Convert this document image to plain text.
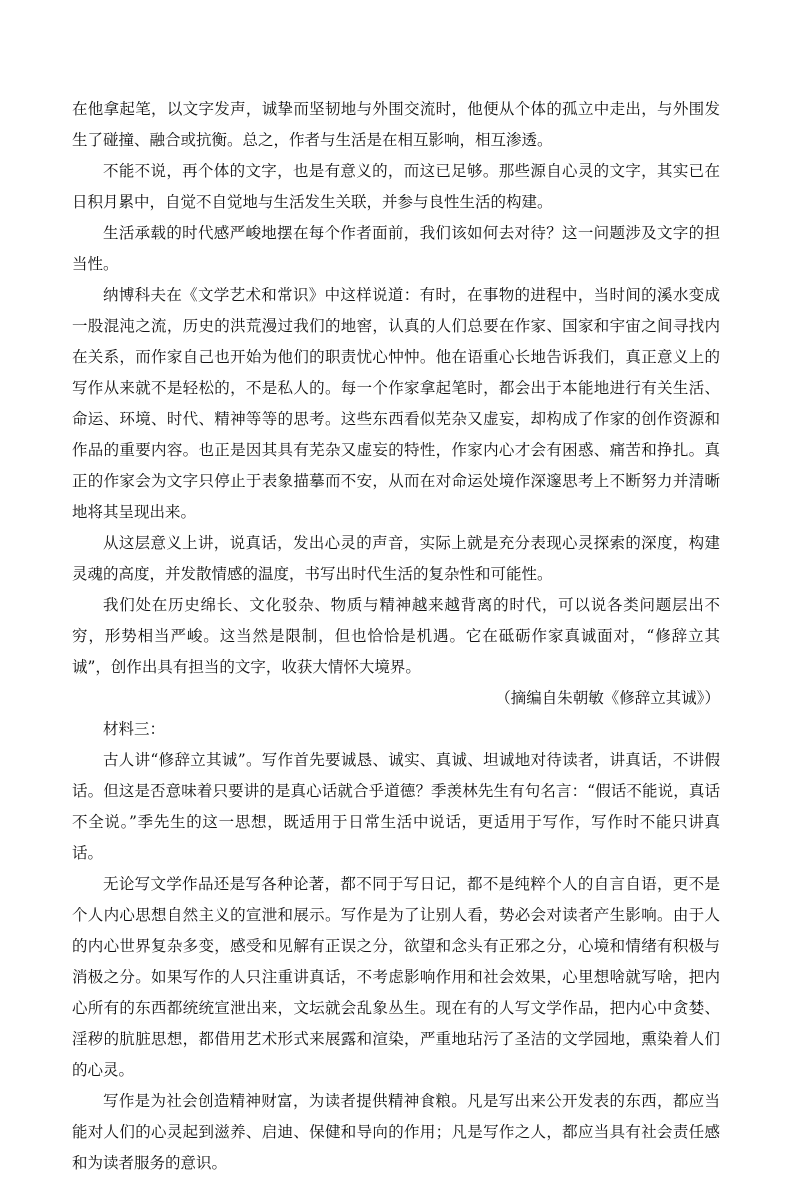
在他拿起笔，以文字发声，诚挚而坚韧地与外围交流时，他便从个体的孤立中走出，与外围发生了碰撞、融合或抗衡。总之，作者与生活是在相互影响，相互渗透。

不能不说，再个体的文字，也是有意义的，而这已足够。那些源自心灵的文字，其实已在日积月累中，自觉不自觉地与生活发生关联，并参与良性生活的构建。

生活承载的时代感严峻地摆在每个作者面前，我们该如何去对待？这一问题涉及文字的担当性。

纳博科夫在《文学艺术和常识》中这样说道：有时，在事物的进程中，当时间的溪水变成一股混沌之流，历史的洪荒漫过我们的地窖，认真的人们总要在作家、国家和宇宙之间寻找内在关系，而作家自己也开始为他们的职责忧心忡忡。他在语重心长地告诉我们，真正意义上的写作从来就不是轻松的，不是私人的。每一个作家拿起笔时，都会出于本能地进行有关生活、命运、环境、时代、精神等等的思考。这些东西看似芜杂又虚妄，却构成了作家的创作资源和作品的重要内容。也正是因其具有芜杂又虚妄的特性，作家内心才会有困惑、痛苦和挣扎。真正的作家会为文字只停止于表象描摹而不安，从而在对命运处境作深邃思考上不断努力并清晰地将其呈现出来。

从这层意义上讲，说真话，发出心灵的声音，实际上就是充分表现心灵探索的深度，构建灵魂的高度，并发散情感的温度，书写出时代生活的复杂性和可能性。

我们处在历史绵长、文化驳杂、物质与精神越来越背离的时代，可以说各类问题层出不穷，形势相当严峻。这当然是限制，但也恰恰是机遇。它在砥砺作家真诚面对，“修辞立其诚”，创作出具有担当的文字，收获大情怀大境界。

（摘编自朱朝敏《修辞立其诚》）

材料三：

古人讲“修辞立其诚”。写作首先要诚恳、诚实、真诚、坦诚地对待读者，讲真话，不讲假话。但这是否意味着只要讲的是真心话就合乎道德？季羡林先生有句名言：“假话不能说，真话不全说。”季先生的这一思想，既适用于日常生活中说话，更适用于写作，写作时不能只讲真话。

无论写文学作品还是写各种论著，都不同于写日记，都不是纯粹个人的自言自语，更不是个人内心思想自然主义的宣泄和展示。写作是为了让别人看，势必会对读者产生影响。由于人的内心世界复杂多变，感受和见解有正误之分，欲望和念头有正邪之分，心境和情绪有积极与消极之分。如果写作的人只注重讲真话，不考虑影响作用和社会效果，心里想啥就写啥，把内心所有的东西都统统宣泄出来，文坛就会乱象丛生。现在有的人写文学作品，把内心中贪婪、淫秽的肮脏思想，都借用艺术形式来展露和渲染，严重地玷污了圣洁的文学园地，熏染着人们的心灵。

写作是为社会创造精神财富，为读者提供精神食粮。凡是写出来公开发表的东西，都应当能对人们的心灵起到滋养、启迪、保健和导向的作用；凡是写作之人，都应当具有社会责任感和为读者服务的意识。
